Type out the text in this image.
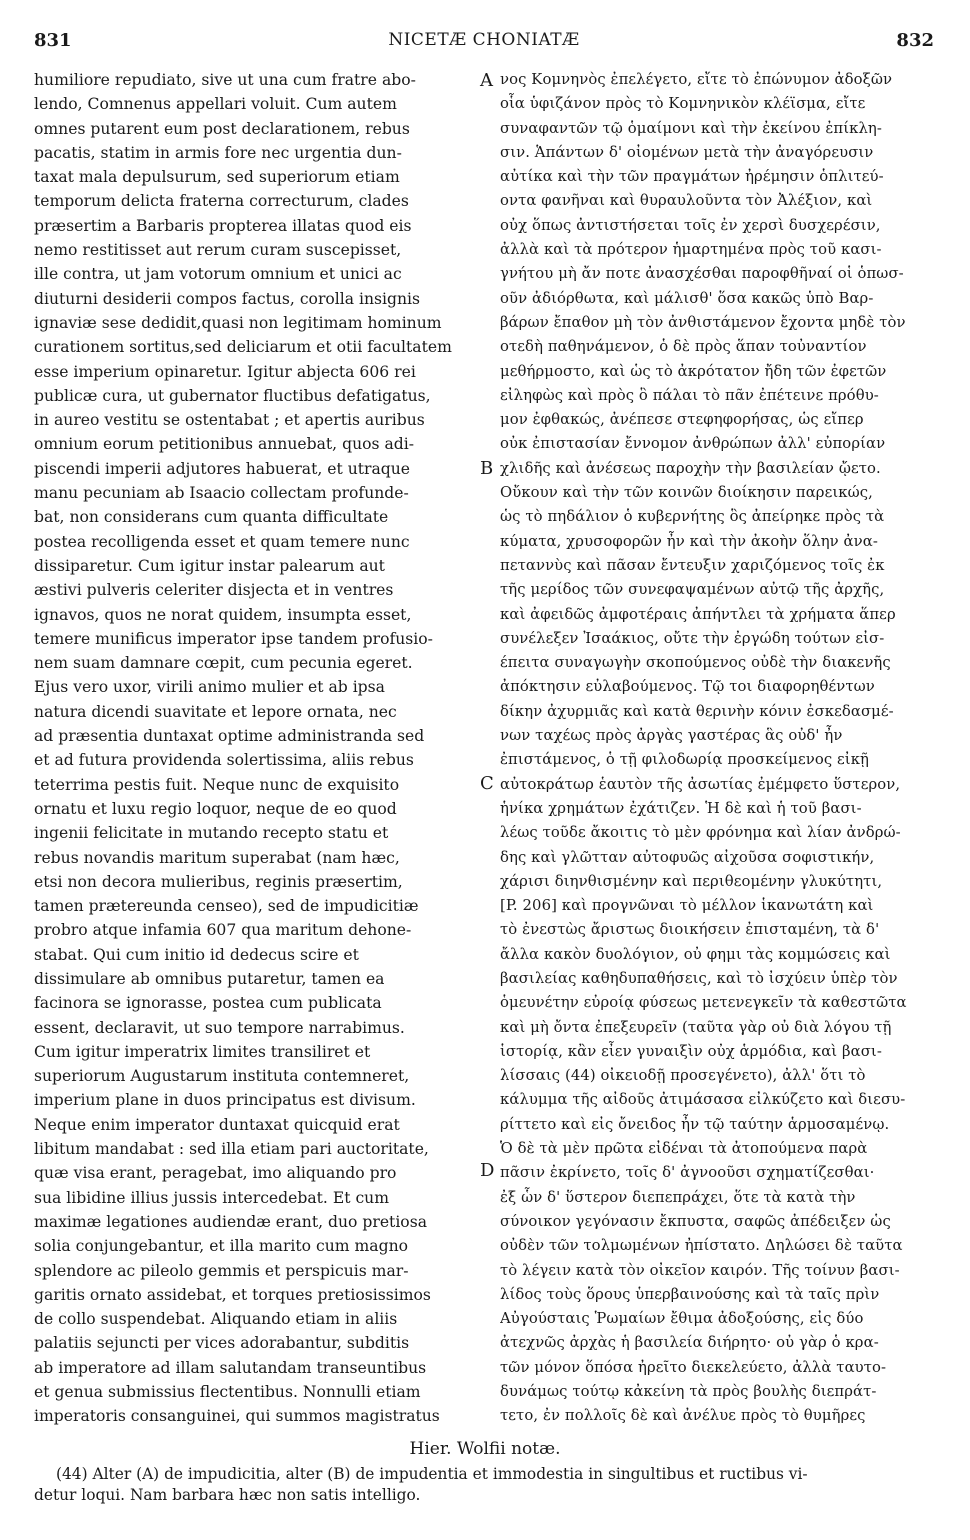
831	NICETÆ CHONIATÆ	832
humiliore repudiato, sive ut una cum fratre abo-
lendo, Comnenus appellari voluit. Cum autem
omnes putarent eum post declarationem, rebus
pacatis, statim in armis fore nec urgentia dun-
taxat mala depulsurum, sed superiorum etiam
temporum delicta fraterna correcturum, clades
præsertim a Barbaris propterea illatas quod eis
nemo restitisset aut rerum curam suscepisset,
ille contra, ut jam votorum omnium et unici ac
diuturni desiderii compos factus, corolla insignis
ignaviæ sese dedidit,quasi non legitimam hominum
curationem sortitus,sed deliciarum et otii facultatem
esse imperium opinaretur. Igitur abjecta 606 rei
publicæ cura, ut gubernator fluctibus defatigatus,
in aureo vestitu se ostentabat ; et apertis auribus
omnium eorum petitionibus annuebat, quos adi-
piscendi imperii adjutores habuerat, et utraque
manu pecuniam ab Isaacio collectam profunde-
bat, non considerans cum quanta difficultate
postea recolligenda esset et quam temere nunc
dissiparetur. Cum igitur instar palearum aut
æstivi pulveris celeriter disjecta et in ventres
ignavos, quos ne norat quidem, insumpta esset,
temere munificus imperator ipse tandem profusio-
nem suam damnare cœpit, cum pecunia egeret.
Ejus vero uxor, virili animo mulier et ab ipsa
natura dicendi suavitate et lepore ornata, nec
ad præsentia duntaxat optime administranda sed
et ad futura providenda solertissima, aliis rebus
teterrima pestis fuit. Neque nunc de exquisito
ornatu et luxu regio loquor, neque de eo quod
ingenii felicitate in mutando recepto statu et
rebus novandis maritum superabat (nam hæc,
etsi non decora mulieribus, reginis præsertim,
tamen prætereunda censeo), sed de impudicitiæ
probro atque infamia 607 qua maritum dehone-
stabat. Qui cum initio id dedecus scire et
dissimulare ab omnibus putaretur, tamen ea
facinora se ignorasse, postea cum publicata
essent, declaravit, ut suo tempore narrabimus.
Cum igitur imperatrix limites transiliret et
superiorum Augustarum instituta contemneret,
imperium plane in duos principatus est divisum.
Neque enim imperator duntaxat quicquid erat
libitum mandabat : sed illa etiam pari auctoritate,
quæ visa erant, peragebat, imo aliquando pro
sua libidine illius jussis intercedebat. Et cum
maximæ legationes audiendæ erant, duo pretiosa
solia conjungebantur, et illa marito cum magno
splendore ac pileolo gemmis et perspicuis mar-
garitis ornato assidebat, et torques pretiosissimos
de collo suspendebat. Aliquando etiam in aliis
palatiis sejuncti per vices adorabantur, subditis
ab imperatore ad illam salutandam transeuntibus
et genua submissius flectentibus. Nonnulli etiam
imperatoris consanguinei, qui summos magistratus
A
B
C
D
νος Κομνηνὸς ἐπελέγετο, εἴτε τὸ ἐπώνυμον ἀδοξῶν
οἷα ὑφιζάνον πρὸς τὸ Κομνηνικὸν κλέϊσμα, εἴτε
συναφαντῶν τῷ ὁμαίμονι καὶ τὴν ἐκείνου ἐπίκλη-
σιν. Ἁπάντων δ' οἰομένων μετὰ τὴν ἀναγόρευσιν
αὐτίκα καὶ τὴν τῶν πραγμάτων ἠρέμησιν ὁπλιτεύ-
οντα φανῆναι καὶ θυραυλοῦντα τὸν Ἀλέξιον, καὶ
οὐχ ὅπως ἀντιστήσεται τοῖς ἐν χερσὶ δυσχερέσιν,
ἀλλὰ καὶ τὰ πρότερον ἡμαρτημένα πρὸς τοῦ κασι-
γνήτου μὴ ἄν ποτε ἀνασχέσθαι παροφθῆναί οἱ ὁπωσ-
οῦν ἀδιόρθωτα, καὶ μάλισθ' ὅσα κακῶς ὑπὸ Βαρ-
βάρων ἔπαθον μὴ τὸν ἀνθιστάμενον ἔχοντα μηδὲ τὸν
οτεδὴ παθηνάμενον, ὁ δὲ πρὸς ἅπαν τοὐναντίον
μεθήρμοστο, καὶ ὡς τὸ ἀκρότατον ἤδη τῶν ἐφετῶν
εἰληφὼς καὶ πρὸς ὃ πάλαι τὸ πᾶν ἐπέτεινε πρόθυ-
μον ἐφθακώς, ἀνέπεσε στεφηφορήσας, ὡς εἴπερ
οὐκ ἐπιστασίαν ἔννομον ἀνθρώπων ἀλλ' εὐπορίαν
χλιδῆς καὶ ἀνέσεως παροχὴν τὴν βασιλείαν ᾤετο.
Οὔκουν καὶ τὴν τῶν κοινῶν διοίκησιν παρεικώς,
ὡς τὸ πηδάλιον ὁ κυβερνήτης ὃς ἀπείρηκε πρὸς τὰ
κύματα, χρυσοφορῶν ἦν καὶ τὴν ἀκοὴν ὅλην ἀνα-
πεταννὺς καὶ πᾶσαν ἔντευξιν χαριζόμενος τοῖς ἐκ
τῆς μερίδος τῶν συνεφαψαμένων αὐτῷ τῆς ἀρχῆς,
καὶ ἀφειδῶς ἀμφοτέραις ἀπήντλει τὰ χρήματα ἅπερ
συνέλεξεν Ἰσαάκιος, οὔτε τὴν ἐργώδη τούτων εἰσ-
έπειτα συναγωγὴν σκοπούμενος οὐδὲ τὴν διακενῆς
ἀπόκτησιν εὐλαβούμενος. Τῷ τοι διαφορηθέντων
δίκην ἀχυρμιᾶς καὶ κατὰ θερινὴν κόνιν ἐσκεδασμέ-
νων ταχέως πρὸς ἀργὰς γαστέρας ἃς οὐδ' ἦν
ἐπιστάμενος, ὁ τῇ φιλοδωρίᾳ προσκείμενος εἰκῇ
αὐτοκράτωρ ἑαυτὸν τῆς ἀσωτίας ἐμέμφετο ὕστερον,
ἡνίκα χρημάτων ἐχάτιζεν. Ἡ δὲ καὶ ἡ τοῦ βασι-
λέως τοῦδε ἄκοιτις τὸ μὲν φρόνημα καὶ λίαν ἀνδρώ-
δης καὶ γλῶτταν αὐτοφυῶς αἰχοῦσα σοφιστικήν,
χάρισι διηνθισμένην καὶ περιθεομένην γλυκύτητι,
[P. 206] καὶ προγνῶναι τὸ μέλλον ἱκανωτάτη καὶ
τὸ ἐνεστὼς ἄριστως διοικήσειν ἐπισταμένη, τὰ δ'
ἄλλα κακὸν δυολόγιον, οὐ φημι τὰς κομμώσεις καὶ
βασιλείας καθηδυπαθήσεις, καὶ τὸ ἰσχύειν ὑπὲρ τὸν
ὁμευνέτην εὐροίᾳ φύσεως μετενεγκεῖν τὰ καθεστῶτα
καὶ μὴ ὄντα ἐπεξευρεῖν (ταῦτα γὰρ οὐ διὰ λόγου τῇ
ἱστορίᾳ, κἂν εἶεν γυναιξὶν οὐχ ἁρμόδια, καὶ βασι-
λίσσαις (44) οἰκειοδῇ προσεγένετο), ἀλλ' ὅτι τὸ
κάλυμμα τῆς αἰδοῦς ἀτιμάσασα εἰλκύζετο καὶ διεσυ-
ρίττετο καὶ εἰς ὄνειδος ἦν τῷ ταύτην ἁρμοσαμένῳ.
Ὁ δὲ τὰ μὲν πρῶτα εἰδέναι τὰ ἀτοπούμενα παρὰ
πᾶσιν ἐκρίνετο, τοῖς δ' ἀγνοοῦσι σχηματίζεσθαι·
ἐξ ὧν δ' ὕστερον διεπεπράχει, ὅτε τὰ κατὰ τὴν
σύνοικον γεγόνασιν ἔκπυστα, σαφῶς ἀπέδειξεν ὡς
οὐδὲν τῶν τολμωμένων ἠπίστατο. Δηλώσει δὲ ταῦτα
τὸ λέγειν κατὰ τὸν οἰκεῖον καιρόν. Τῆς τοίνυν βασι-
λίδος τοὺς ὅρους ὑπερβαινούσης καὶ τὰ ταῖς πρὶν
Αὐγούσταις Ῥωμαίων ἔθιμα ἀδοξούσης, εἰς δύο
ἀτεχνῶς ἀρχὰς ἡ βασιλεία διήρητο· οὐ γὰρ ὁ κρα-
τῶν μόνον ὅπόσα ἠρεῖτο διεκελεύετο, ἀλλὰ ταυτο-
δυνάμως τούτῳ κἀκείνη τὰ πρὸς βουλὴς διεπράτ-
τετο, ἐν πολλοῖς δὲ καὶ ἀνέλυε πρὸς τὸ θυμῆρες
Hier. Wolfii notæ.
(44) Alter (A) de impudicitia, alter (B) de impudentia et immodestia in singultibus et ructibus vi-
detur loqui. Nam barbara hæc non satis intelligo.
